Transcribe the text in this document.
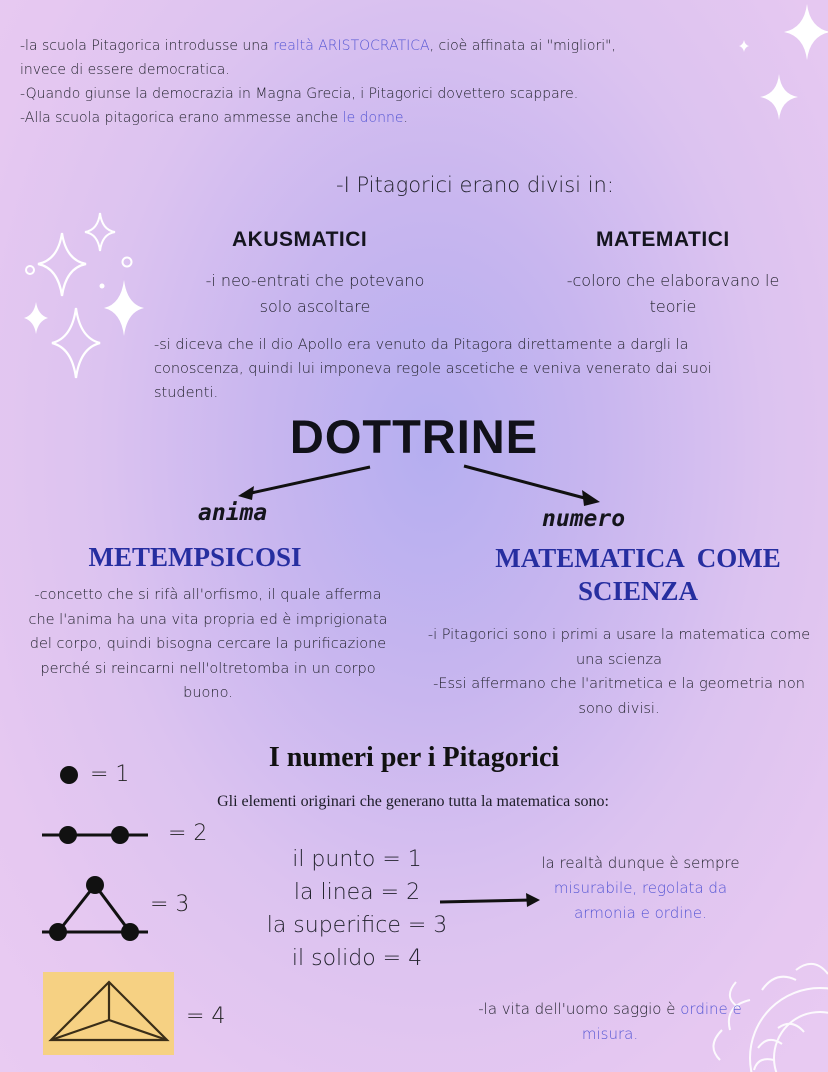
-la scuola Pitagorica introdusse una realtà ARISTOCRATICA, cioè affinata ai "migliori",

invece di essere democratica.

-Quando giunse la democrazia in Magna Grecia, i Pitagorici dovettero scappare.

-Alla scuola pitagorica erano ammesse anche le donne.

-I Pitagorici erano divisi in:
AKUSMATICI
-i neo-entrati che potevano
solo ascoltare
MATEMATICI
-coloro che elaboravano le
teorie
-si diceva che il dio Apollo era venuto da Pitagora direttamente a dargli la conoscenza, quindi lui imponeva regole ascetiche e veniva venerato dai suoi studenti.
DOTTRINE
anima	numero
METEMPSICOSI
-concetto che si rifà all'orfismo, il quale afferma che l'anima ha una vita propria ed è imprigionata del corpo, quindi bisogna cercare la purificazione perché si reincarni nell'oltretomba in un corpo buono.
MATEMATICA  COME
SCIENZA
-i Pitagorici sono i primi a usare la matematica come una scienza
-Essi affermano che l'aritmetica e la geometria non sono divisi.
I numeri per i Pitagorici
Gli elementi originari che generano tutta la matematica sono:
il punto = 1
la linea = 2
la superifice = 3
il solido = 4
la realtà dunque è sempre misurabile, regolata da armonia e ordine.
-la vita dell'uomo saggio è ordine e misura.
= 1
= 2
= 3
= 4
